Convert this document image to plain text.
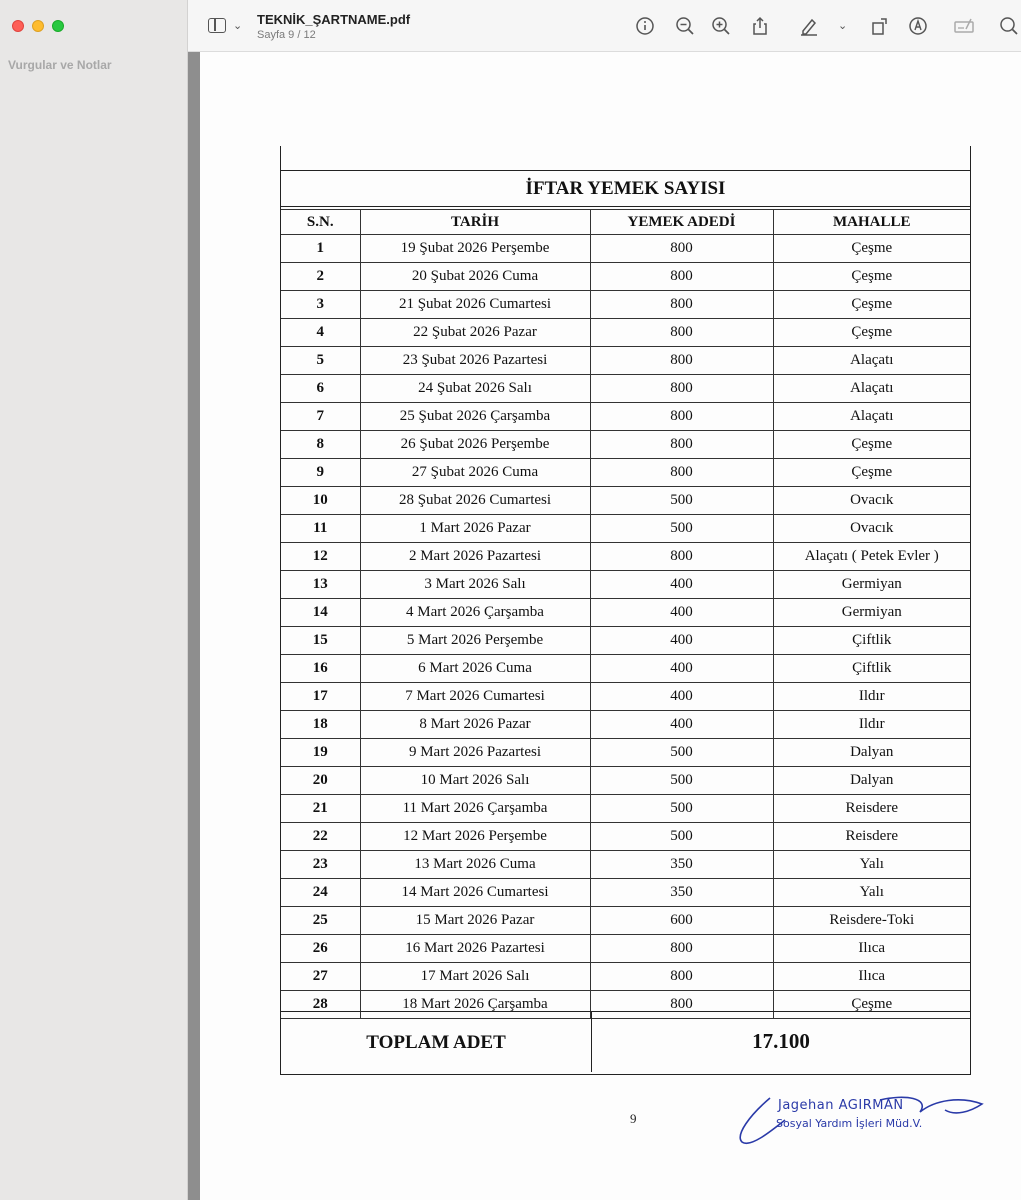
Vurgular ve Notlar
⌄ TEKNİK_ŞARTNAME.pdf
Sayfa 9 / 12
⌄
İFTAR YEMEK SAYISI
S.N.	TARİH	YEMEK ADEDİ	MAHALLE
1	19 Şubat 2026 Perşembe	800	Çeşme
2	20 Şubat 2026 Cuma	800	Çeşme
3	21 Şubat 2026 Cumartesi	800	Çeşme
4	22 Şubat 2026 Pazar	800	Çeşme
5	23 Şubat 2026 Pazartesi	800	Alaçatı
6	24 Şubat 2026 Salı	800	Alaçatı
7	25 Şubat 2026 Çarşamba	800	Alaçatı
8	26 Şubat 2026 Perşembe	800	Çeşme
9	27 Şubat 2026 Cuma	800	Çeşme
10	28 Şubat 2026 Cumartesi	500	Ovacık
11	1 Mart 2026 Pazar	500	Ovacık
12	2 Mart 2026 Pazartesi	800	Alaçatı ( Petek Evler )
13	3 Mart 2026 Salı	400	Germiyan
14	4 Mart 2026 Çarşamba	400	Germiyan
15	5 Mart 2026 Perşembe	400	Çiftlik
16	6 Mart 2026 Cuma	400	Çiftlik
17	7 Mart 2026 Cumartesi	400	Ildır
18	8 Mart 2026 Pazar	400	Ildır
19	9 Mart 2026 Pazartesi	500	Dalyan
20	10 Mart 2026 Salı	500	Dalyan
21	11 Mart 2026 Çarşamba	500	Reisdere
22	12 Mart 2026 Perşembe	500	Reisdere
23	13 Mart 2026 Cuma	350	Yalı
24	14 Mart 2026 Cumartesi	350	Yalı
25	15 Mart 2026 Pazar	600	Reisdere-Toki
26	16 Mart 2026 Pazartesi	800	Ilıca
27	17 Mart 2026 Salı	800	Ilıca
28	18 Mart 2026 Çarşamba	800	Çeşme
TOPLAM ADET	17.100
9
Jagehan AGIRMAN
Sosyal Yardım İşleri Müd.V.
